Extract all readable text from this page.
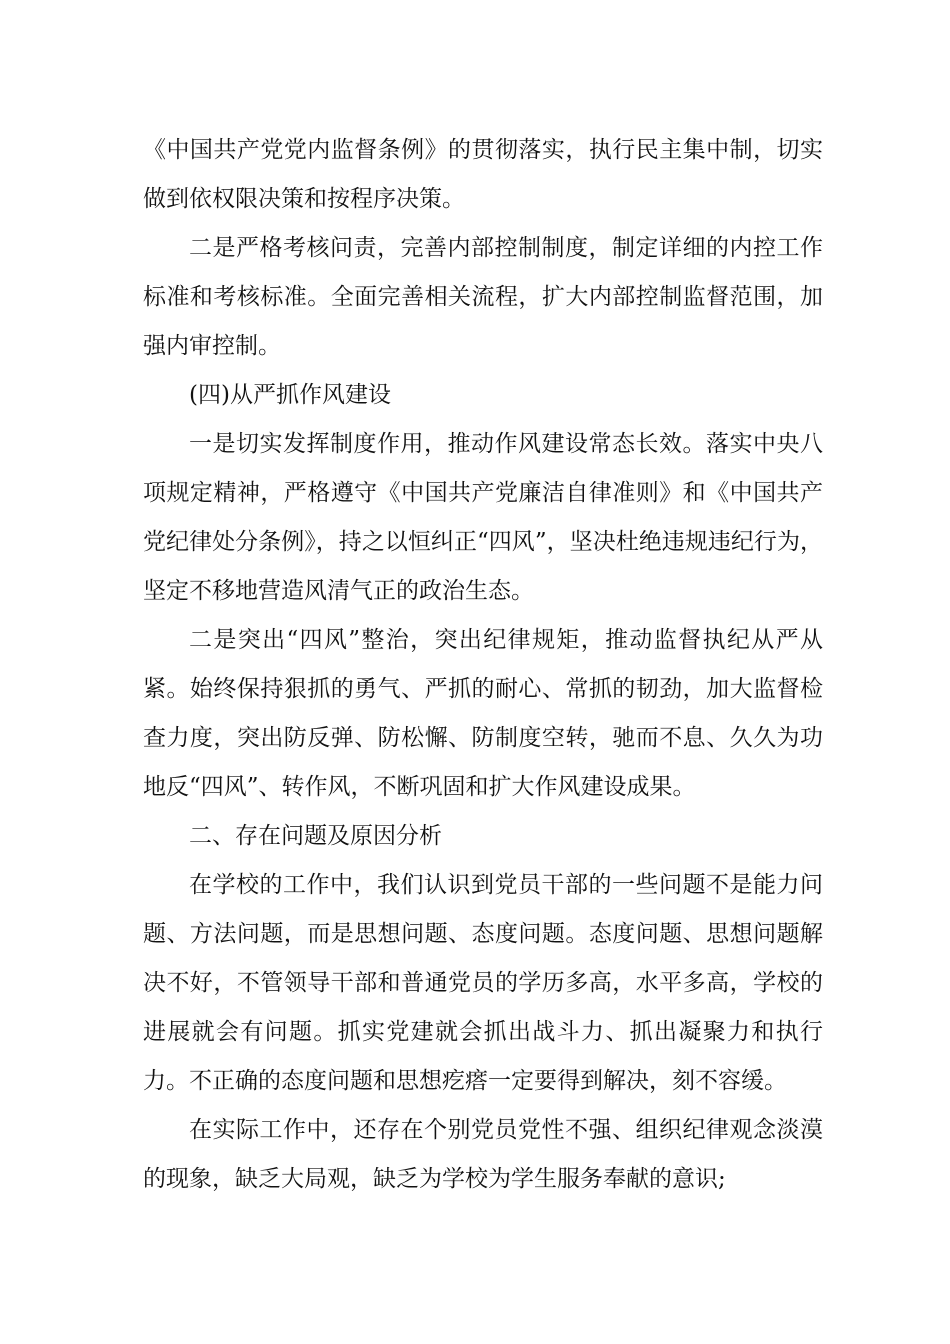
《中国共产党党内监督条例》的贯彻落实，执行民主集中制，切实做到依权限决策和按程序决策。

二是严格考核问责，完善内部控制制度，制定详细的内控工作标准和考核标准。全面完善相关流程，扩大内部控制监督范围，加强内审控制。

(四)从严抓作风建设

一是切实发挥制度作用，推动作风建设常态长效。落实中央八项规定精神，严格遵守《中国共产党廉洁自律准则》和《中国共产党纪律处分条例》，持之以恒纠正“四风”，坚决杜绝违规违纪行为，坚定不移地营造风清气正的政治生态。

二是突出“四风”整治，突出纪律规矩，推动监督执纪从严从紧。始终保持狠抓的勇气、严抓的耐心、常抓的韧劲，加大监督检查力度，突出防反弹、防松懈、防制度空转，驰而不息、久久为功地反“四风”、转作风，不断巩固和扩大作风建设成果。

二、存在问题及原因分析

在学校的工作中，我们认识到党员干部的一些问题不是能力问题、方法问题，而是思想问题、态度问题。态度问题、思想问题解决不好，不管领导干部和普通党员的学历多高，水平多高，学校的进展就会有问题。抓实党建就会抓出战斗力、抓出凝聚力和执行力。不正确的态度问题和思想疙瘩一定要得到解决，刻不容缓。

在实际工作中，还存在个别党员党性不强、组织纪律观念淡漠的现象，缺乏大局观，缺乏为学校为学生服务奉献的意识;
